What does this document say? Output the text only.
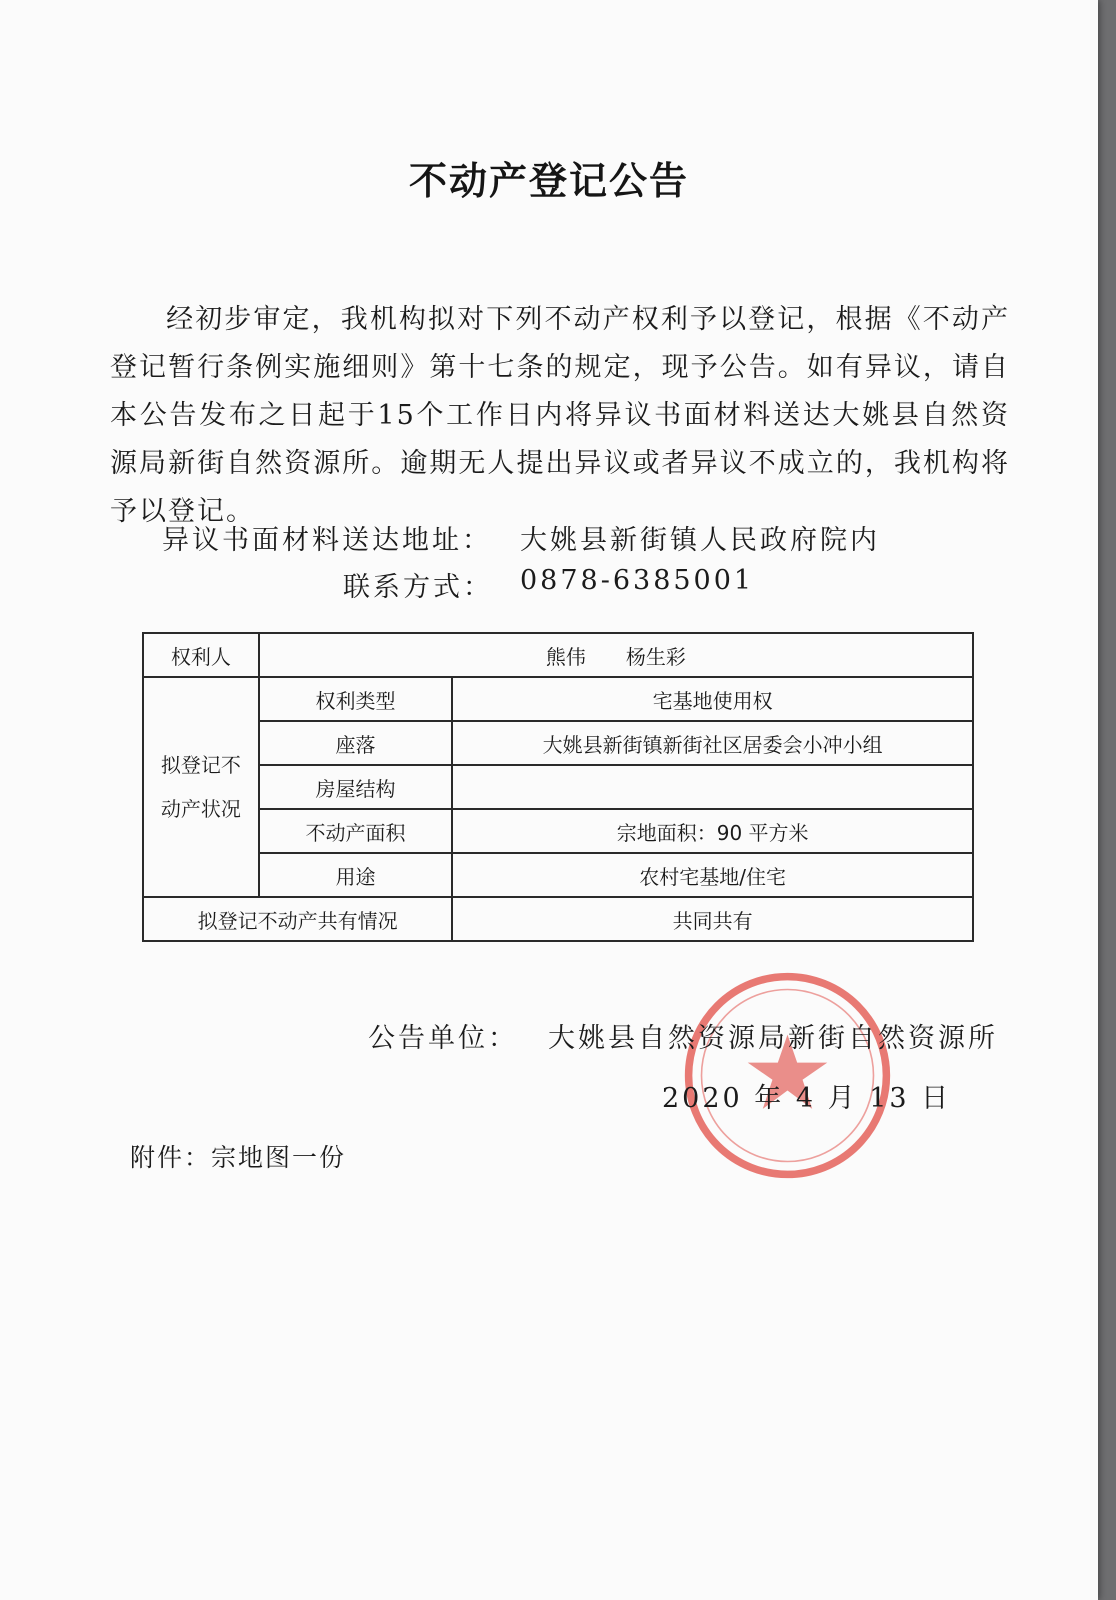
不动产登记公告
经初步审定，我机构拟对下列不动产权利予以登记，根据《不动产登记暂行条例实施细则》第十七条的规定，现予公告。如有异议，请自本公告发布之日起于15个工作日内将异议书面材料送达大姚县自然资源局新街自然资源所。逾期无人提出异议或者异议不成立的，我机构将予以登记。
异议书面材料送达地址： 大姚县新街镇人民政府院内
联系方式： 0878-6385001
权利人	熊伟　　杨生彩	
拟登记不动产状况	权利类型	宅基地使用权
	座落	大姚县新街镇新街社区居委会小冲小组
	房屋结构	
	不动产面积	宗地面积：90 平方米
	用途	农村宅基地/住宅
拟登记不动产共有情况		共同共有
公告单位： 大姚县自然资源局新街自然资源所
2020 年 4 月 13 日
附件：宗地图一份
